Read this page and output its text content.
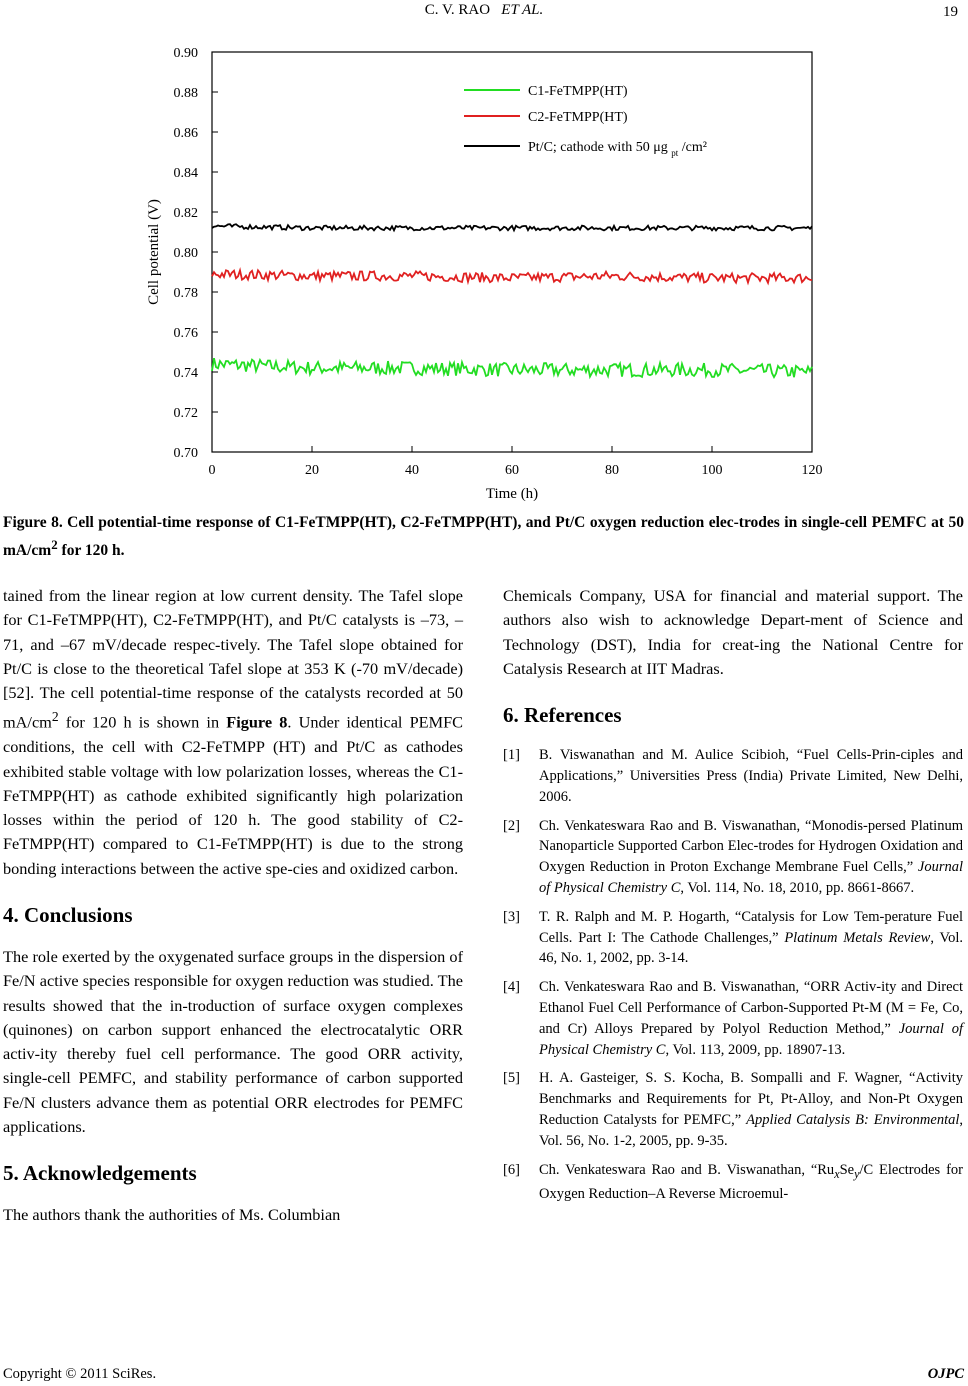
C. V. RAO ET AL.	19
0	20	40	60	80	100	120
0.70
0.72
0.74
0.76
0.78
0.80
0.82
0.84
0.86
0.88
0.90
Time (h)
Cell potential (V)
C1-FeTMPP(HT)
C2-FeTMPP(HT)
Pt/C; cathode with 50 μg $_{pt}$ /cm²
Figure 8. Cell potential-time response of C1-FeTMPP(HT), C2-FeTMPP(HT), and Pt/C oxygen reduction elec-trodes in single-cell PEMFC at 50 $mA/cm^2$ for 120 h.

tained from the linear region at low current density. The Tafel slope for C1-FeTMPP(HT), C2-FeTMPP(HT), and Pt/C catalysts is –73, –71, and –67 mV/decade respec-tively. The Tafel slope obtained for Pt/C is close to the theoretical Tafel slope at 353 K (-70 mV/decade) [52]. The cell potential-time response of the catalysts recorded at 50 $mA/cm^2$ for 120 h is shown in Figure 8. Under identical PEMFC conditions, the cell with C2-FeTMPP (HT) and Pt/C as cathodes exhibited stable voltage with low polarization losses, whereas the C1-FeTMPP(HT) as cathode exhibited significantly high polarization losses within the period of 120 h. The good stability of C2-FeTMPP(HT) compared to C1-FeTMPP(HT) is due to the strong bonding interactions between the active spe-cies and oxidized carbon.

4. Conclusions

The role exerted by the oxygenated surface groups in the dispersion of Fe/N active species responsible for oxygen reduction was studied. The results showed that the in-troduction of surface oxygen complexes (quinones) on carbon support enhanced the electrocatalytic ORR activ-ity thereby fuel cell performance. The good ORR activity, single-cell PEMFC, and stability performance of carbon supported Fe/N clusters advance them as potential ORR electrodes for PEMFC applications.

5. Acknowledgements

The authors thank the authorities of Ms. Columbian

Chemicals Company, USA for financial and material support. The authors also wish to acknowledge Depart-ment of Science and Technology (DST), India for creat-ing the National Centre for Catalysis Research at IIT Madras.

6. References
[1]	B. Viswanathan and M. Aulice Scibioh, “Fuel Cells-Prin-ciples and Applications,” Universities Press (India) Private Limited, New Delhi, 2006.
[2]	Ch. Venkateswara Rao and B. Viswanathan, “Monodis-persed Platinum Nanoparticle Supported Carbon Elec-trodes for Hydrogen Oxidation and Oxygen Reduction in Proton Exchange Membrane Fuel Cells,” Journal of Physical Chemistry C, Vol. 114, No. 18, 2010, pp. 8661-8667.
[3]	T. R. Ralph and M. P. Hogarth, “Catalysis for Low Tem-perature Fuel Cells. Part I: The Cathode Challenges,” Platinum Metals Review, Vol. 46, No. 1, 2002, pp. 3-14.
[4]	Ch. Venkateswara Rao and B. Viswanathan, “ORR Activ-ity and Direct Ethanol Fuel Cell Performance of Carbon-Supported Pt-M (M = Fe, Co, and Cr) Alloys Prepared by Polyol Reduction Method,” Journal of Physical Chemistry C, Vol. 113, 2009, pp. 18907-13.
[5]	H. A. Gasteiger, S. S. Kocha, B. Sompalli and F. Wagner, “Activity Benchmarks and Requirements for Pt, Pt-Alloy, and Non-Pt Oxygen Reduction Catalysts for PEMFC,” Applied Catalysis B: Environmental, Vol. 56, No. 1-2, 2005, pp. 9-35.
[6]	Ch. Venkateswara Rao and B. Viswanathan, “$Ru_xSe_y/C$ Electrodes for Oxygen Reduction–A Reverse Microemul-
Copyright © 2011 SciRes.	OJPC
